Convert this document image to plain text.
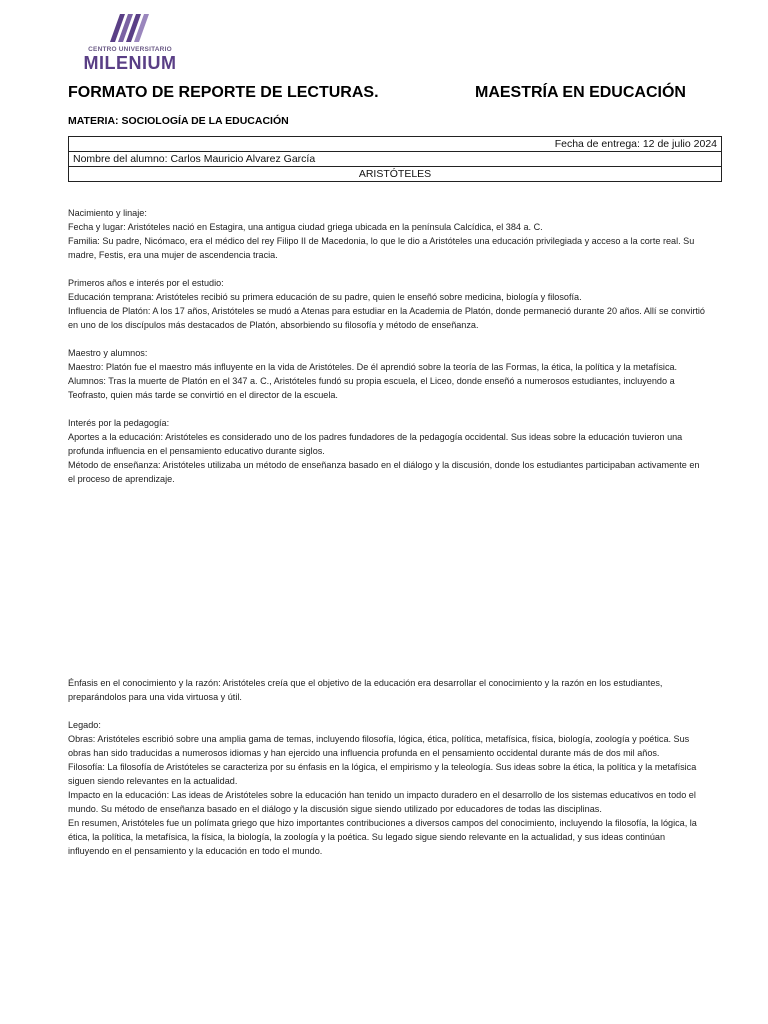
CENTRO UNIVERSITARIO
MILENIUM
FORMATO DE REPORTE DE LECTURAS.	MAESTRÍA EN EDUCACIÓN
MATERIA: SOCIOLOGÍA DE LA EDUCACIÓN
Fecha de entrega: 12 de julio 2024
Nombre del alumno: Carlos Mauricio Alvarez García
ARISTÓTELES

Nacimiento y linaje:

Fecha y lugar: Aristóteles nació en Estagira, una antigua ciudad griega ubicada en la península Calcídica, el 384 a. C.

Familia: Su padre, Nicómaco, era el médico del rey Filipo II de Macedonia, lo que le dio a Aristóteles una educación privilegiada y acceso a la corte real. Su madre, Festis, era una mujer de ascendencia tracia.

Primeros años e interés por el estudio:

Educación temprana: Aristóteles recibió su primera educación de su padre, quien le enseñó sobre medicina, biología y filosofía.

Influencia de Platón: A los 17 años, Aristóteles se mudó a Atenas para estudiar en la Academia de Platón, donde permaneció durante 20 años. Allí se convirtió en uno de los discípulos más destacados de Platón, absorbiendo su filosofía y método de enseñanza.

Maestro y alumnos:

Maestro: Platón fue el maestro más influyente en la vida de Aristóteles. De él aprendió sobre la teoría de las Formas, la ética, la política y la metafísica.

Alumnos: Tras la muerte de Platón en el 347 a. C., Aristóteles fundó su propia escuela, el Liceo, donde enseñó a numerosos estudiantes, incluyendo a Teofrasto, quien más tarde se convirtió en el director de la escuela.

Interés por la pedagogía:

Aportes a la educación: Aristóteles es considerado uno de los padres fundadores de la pedagogía occidental. Sus ideas sobre la educación tuvieron una profunda influencia en el pensamiento educativo durante siglos.

Método de enseñanza: Aristóteles utilizaba un método de enseñanza basado en el diálogo y la discusión, donde los estudiantes participaban activamente en el proceso de aprendizaje.

Énfasis en el conocimiento y la razón: Aristóteles creía que el objetivo de la educación era desarrollar el conocimiento y la razón en los estudiantes, preparándolos para una vida virtuosa y útil.

Legado:

Obras: Aristóteles escribió sobre una amplia gama de temas, incluyendo filosofía, lógica, ética, política, metafísica, física, biología, zoología y poética. Sus obras han sido traducidas a numerosos idiomas y han ejercido una influencia profunda en el pensamiento occidental durante más de dos mil años.

Filosofía: La filosofía de Aristóteles se caracteriza por su énfasis en la lógica, el empirismo y la teleología. Sus ideas sobre la ética, la política y la metafísica siguen siendo relevantes en la actualidad.

Impacto en la educación: Las ideas de Aristóteles sobre la educación han tenido un impacto duradero en el desarrollo de los sistemas educativos en todo el mundo. Su método de enseñanza basado en el diálogo y la discusión sigue siendo utilizado por educadores de todas las disciplinas.

En resumen, Aristóteles fue un polímata griego que hizo importantes contribuciones a diversos campos del conocimiento, incluyendo la filosofía, la lógica, la ética, la política, la metafísica, la física, la biología, la zoología y la poética. Su legado sigue siendo relevante en la actualidad, y sus ideas continúan influyendo en el pensamiento y la educación en todo el mundo.
